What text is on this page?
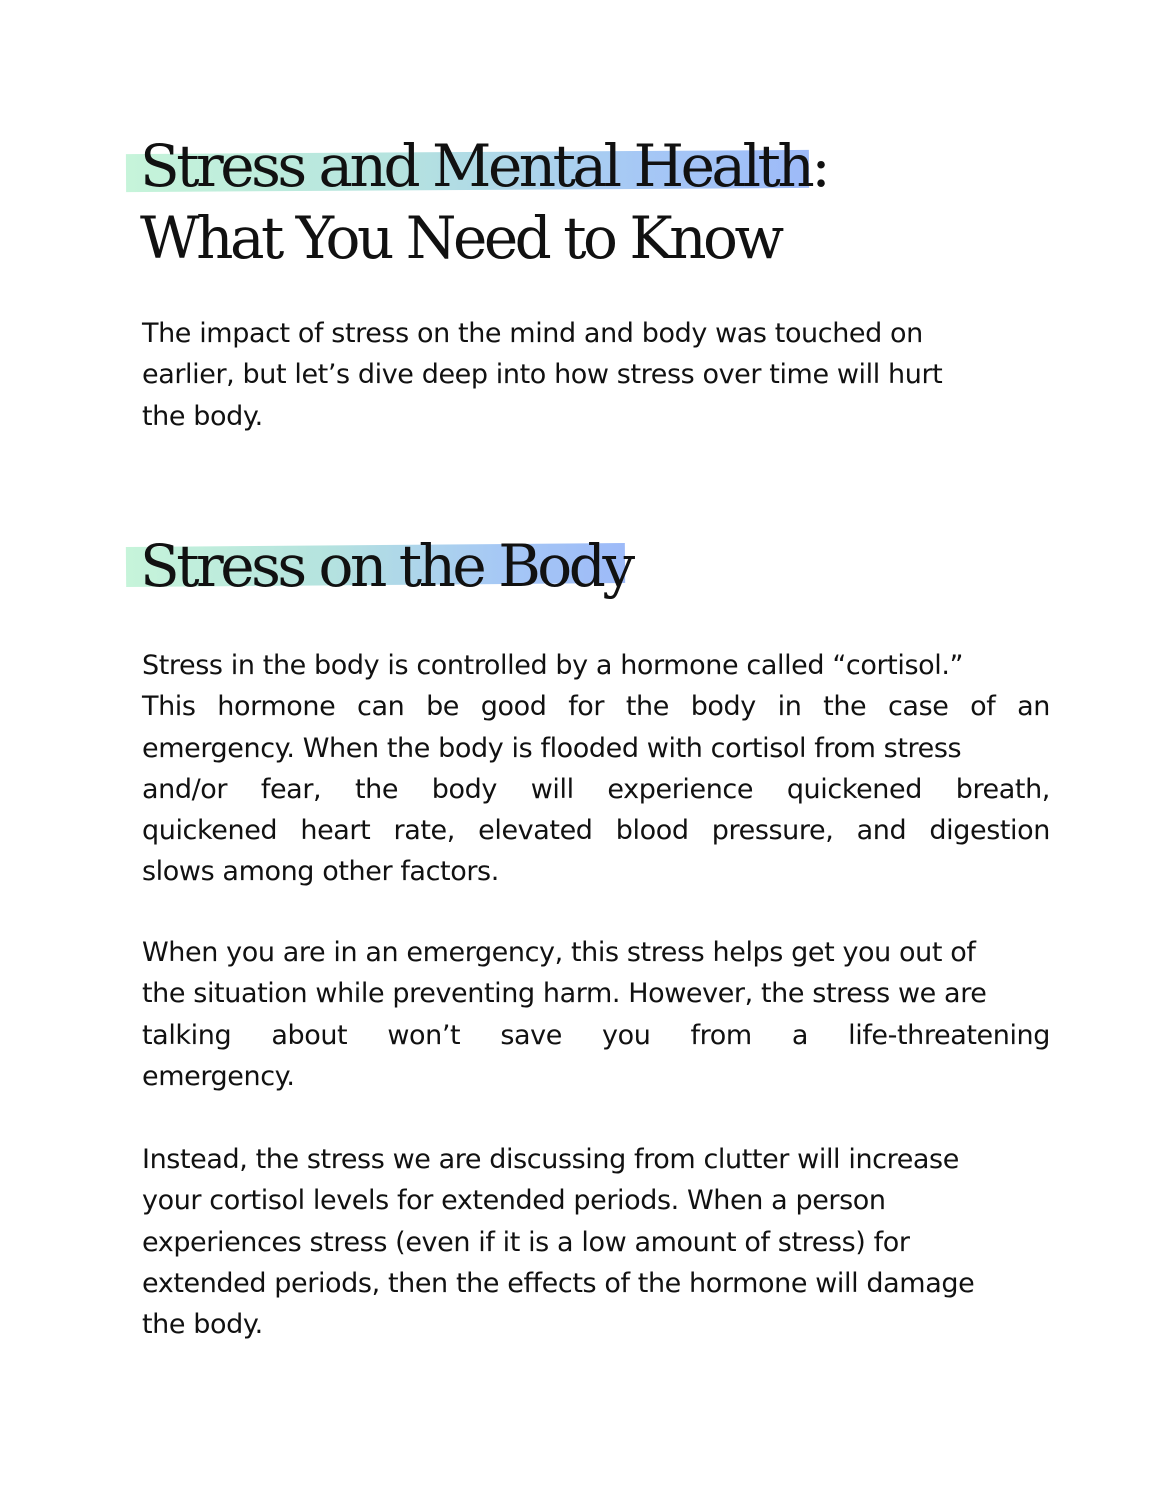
Stress and Mental Health:
What You Need to Know

The impact of stress on the mind and body was touched on
earlier, but let’s dive deep into how stress over time will hurt
the body.

Stress on the Body

Stress in the body is controlled by a hormone called “cortisol.”
This hormone can be good for the body in the case of an
emergency. When the body is flooded with cortisol from stress
and/or fear, the body will experience quickened breath,
quickened heart rate, elevated blood pressure, and digestion
slows among other factors.

When you are in an emergency, this stress helps get you out of
the situation while preventing harm. However, the stress we are
talking about won’t save you from a life-threatening
emergency.

Instead, the stress we are discussing from clutter will increase
your cortisol levels for extended periods. When a person
experiences stress (even if it is a low amount of stress) for
extended periods, then the effects of the hormone will damage
the body.
